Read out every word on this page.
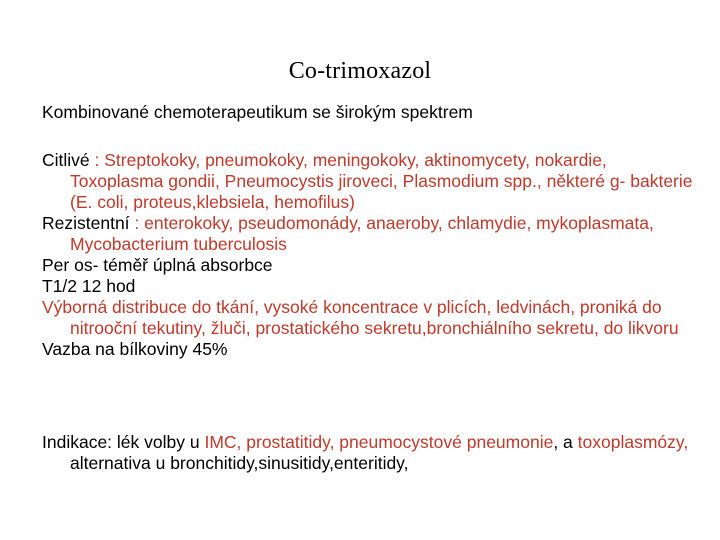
Co-trimoxazol

Kombinované chemoterapeutikum se širokým spektrem

Citlivé : Streptokoky, pneumokoky, meningokoky, aktinomycety, nokardie, Toxoplasma gondii, Pneumocystis jiroveci, Plasmodium spp., některé g- bakterie (E. coli, proteus,klebsiela, hemofilus)

Rezistentní : enterokoky, pseudomonády, anaeroby, chlamydie, mykoplasmata, Mycobacterium tuberculosis

Per os- téměř úplná absorbce

T1/2 12 hod

Výborná distribuce do tkání, vysoké koncentrace v plicích, ledvinách, proniká do nitrooční tekutiny, žluči, prostatického sekretu,bronchiálního sekretu, do likvoru

Vazba na bílkoviny 45%

Indikace: lék volby u IMC, prostatitidy, pneumocystové pneumonie, a toxoplasmózy, alternativa u bronchitidy,sinusitidy,enteritidy,
